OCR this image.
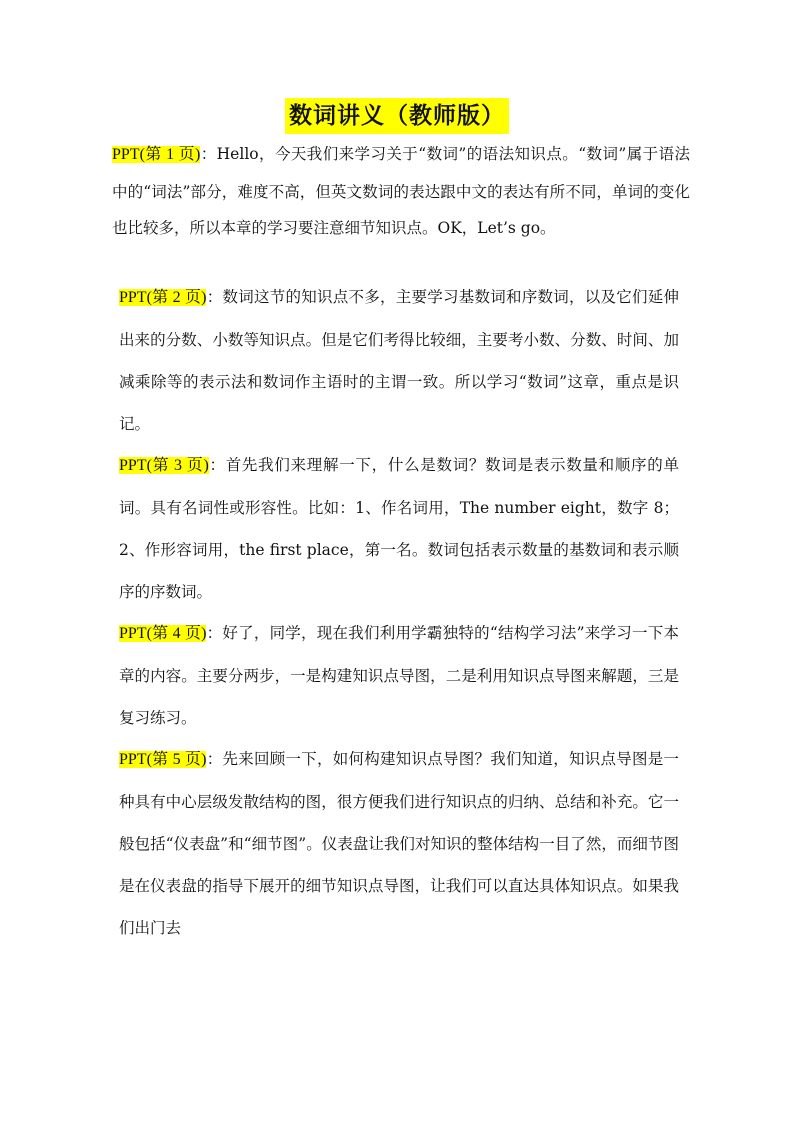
数词讲义（教师版）
PPT(第 1 页)：Hello，今天我们来学习关于“数词”的语法知识点。“数词”属于语法中的“词法”部分，难度不高，但英文数词的表达跟中文的表达有所不同，单词的变化也比较多，所以本章的学习要注意细节知识点。OK，Let’s go。
PPT(第 2 页)：数词这节的知识点不多，主要学习基数词和序数词，以及它们延伸出来的分数、小数等知识点。但是它们考得比较细，主要考小数、分数、时间、加减乘除等的表示法和数词作主语时的主谓一致。所以学习“数词”这章，重点是识记。
PPT(第 3 页)：首先我们来理解一下，什么是数词？数词是表示数量和顺序的单词。具有名词性或形容性。比如：1、作名词用，The number eight，数字 8；2、作形容词用，the first place，第一名。数词包括表示数量的基数词和表示顺序的序数词。
PPT(第 4 页)：好了，同学，现在我们利用学霸独特的“结构学习法”来学习一下本章的内容。主要分两步，一是构建知识点导图，二是利用知识点导图来解题，三是复习练习。
PPT(第 5 页)：先来回顾一下，如何构建知识点导图？我们知道，知识点导图是一种具有中心层级发散结构的图，很方便我们进行知识点的归纳、总结和补充。它一般包括“仪表盘”和“细节图”。仪表盘让我们对知识的整体结构一目了然，而细节图是在仪表盘的指导下展开的细节知识点导图，让我们可以直达具体知识点。如果我们出门去
